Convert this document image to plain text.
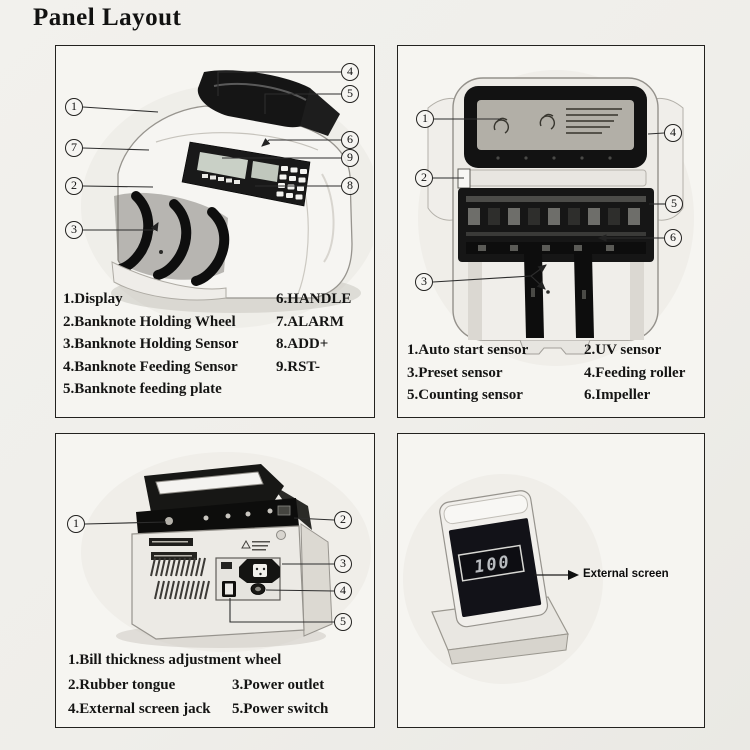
Panel Layout
1
7
2
3
4
5
6
9
8
1.Display
2.Banknote Holding Wheel
3.Banknote Holding Sensor
4.Banknote Feeding Sensor
5.Banknote feeding plate
6.HANDLE
7.ALARM
8.ADD+
9.RST-
1
2
3
4
5
6
1.Auto start sensor
3.Preset sensor
5.Counting sensor
2.UV sensor
4.Feeding roller
6.Impeller
1	2
3
4
5
1.Bill thickness adjustment wheel
2.Rubber tongue
4.External screen jack
3.Power outlet
5.Power switch
100	External screen
